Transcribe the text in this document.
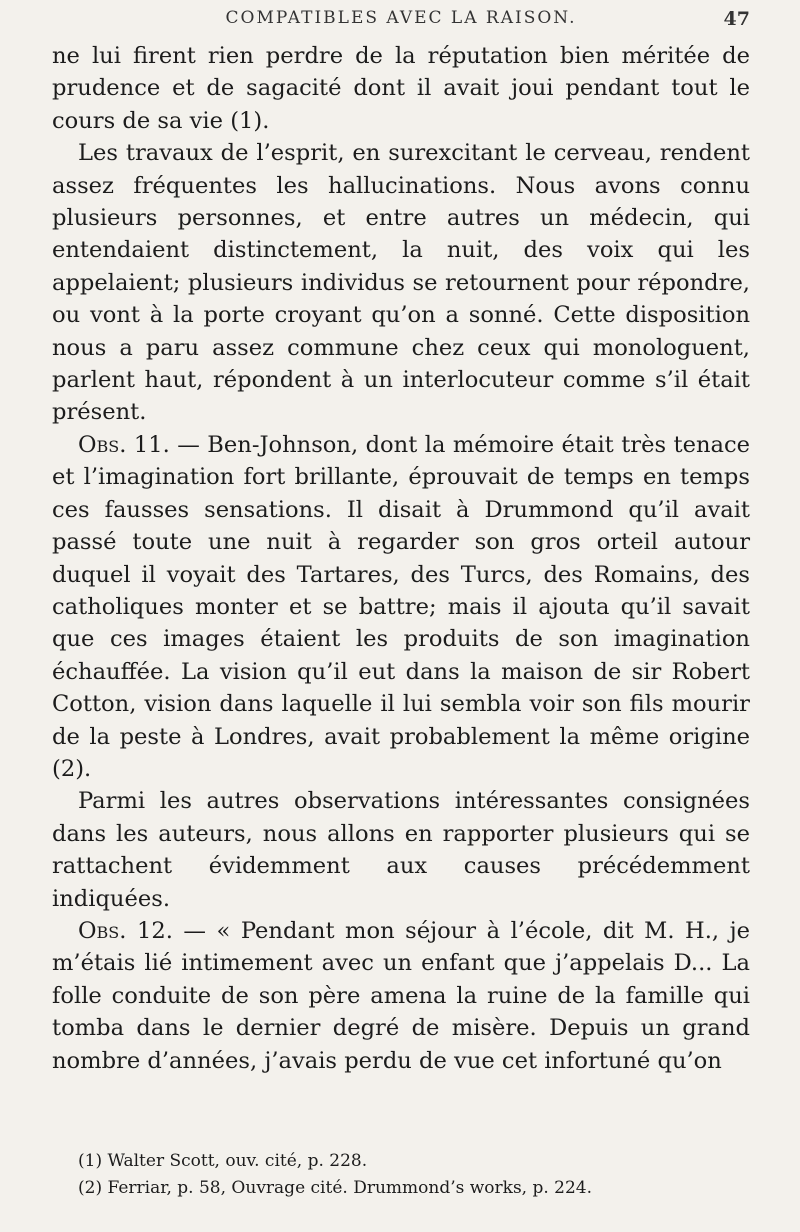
COMPATIBLES AVEC LA RAISON.	47

ne lui firent rien perdre de la réputation bien méritée de prudence et de sagacité dont il avait joui pendant tout le cours de sa vie (1).

Les travaux de l’esprit, en surexcitant le cerveau, rendent assez fréquentes les hallucinations. Nous avons connu plusieurs personnes, et entre autres un médecin, qui entendaient distinctement, la nuit, des voix qui les appelaient; plusieurs individus se retournent pour répondre, ou vont à la porte croyant qu’on a sonné. Cette disposition nous a paru assez commune chez ceux qui monologuent, parlent haut, répondent à un interlocuteur comme s’il était présent.

Obs. 11. — Ben-Johnson, dont la mémoire était très tenace et l’imagination fort brillante, éprouvait de temps en temps ces fausses sensations. Il disait à Drummond qu’il avait passé toute une nuit à regarder son gros orteil autour duquel il voyait des Tartares, des Turcs, des Romains, des catholiques monter et se battre; mais il ajouta qu’il savait que ces images étaient les produits de son imagination échauffée. La vision qu’il eut dans la maison de sir Robert Cotton, vision dans laquelle il lui sembla voir son fils mourir de la peste à Londres, avait probablement la même origine (2).

Parmi les autres observations intéressantes consignées dans les auteurs, nous allons en rapporter plusieurs qui se rattachent évidemment aux causes précédemment indiquées.

Obs. 12. — « Pendant mon séjour à l’école, dit M. H., je m’étais lié intimement avec un enfant que j’appelais D... La folle conduite de son père amena la ruine de la famille qui tomba dans le dernier degré de misère. Depuis un grand nombre d’années, j’avais perdu de vue cet infortuné qu’on

(1) Walter Scott, ouv. cité, p. 228.

(2) Ferriar, p. 58, Ouvrage cité. Drummond’s works, p. 224.
